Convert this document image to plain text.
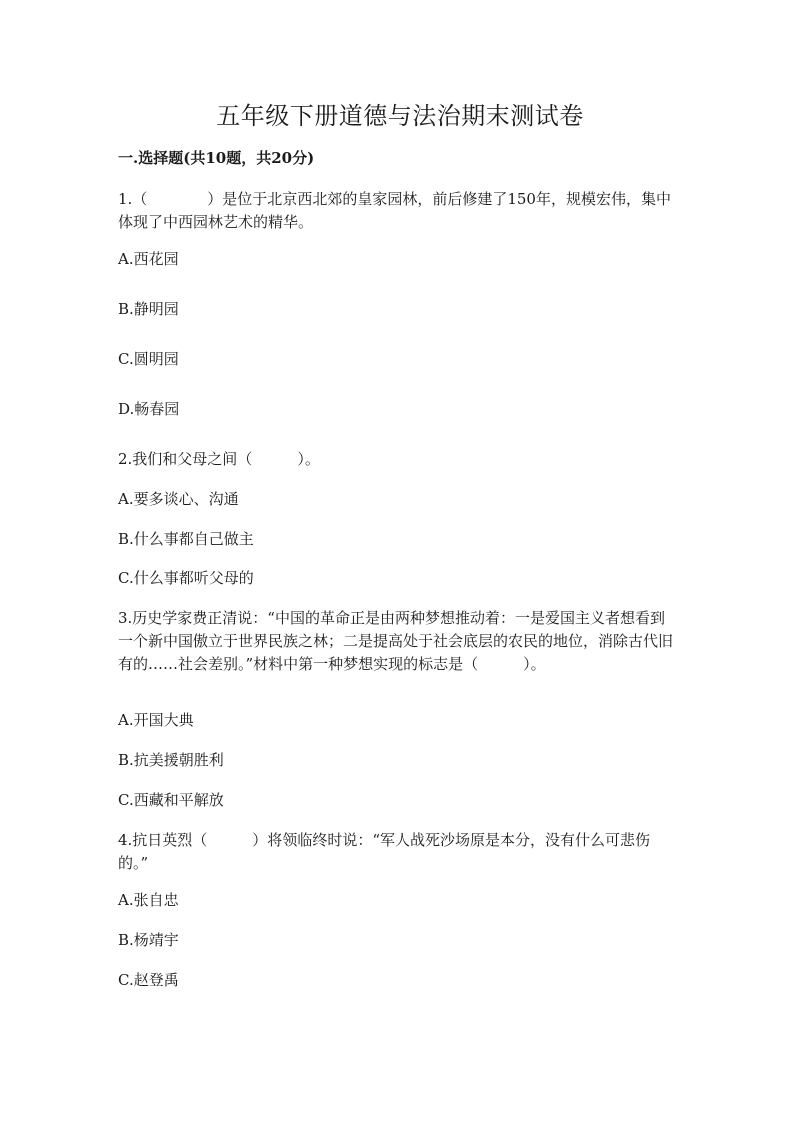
五年级下册道德与法治期末测试卷
一.选择题(共10题，共20分)
1.（　　　　）是位于北京西北郊的皇家园林，前后修建了150年，规模宏伟，集中体现了中西园林艺术的精华。
A.西花园
B.静明园
C.圆明园
D.畅春园
2.我们和父母之间（　　　）。
A.要多谈心、沟通
B.什么事都自己做主
C.什么事都听父母的
3.历史学家费正清说：“中国的革命正是由两种梦想推动着：一是爱国主义者想看到一个新中国傲立于世界民族之林；二是提高处于社会底层的农民的地位，消除古代旧有的……社会差别。”材料中第一种梦想实现的标志是（　　　）。
A.开国大典
B.抗美援朝胜利
C.西藏和平解放
4.抗日英烈（　　　）将领临终时说：“军人战死沙场原是本分，没有什么可悲伤的。”
A.张自忠
B.杨靖宇
C.赵登禹
